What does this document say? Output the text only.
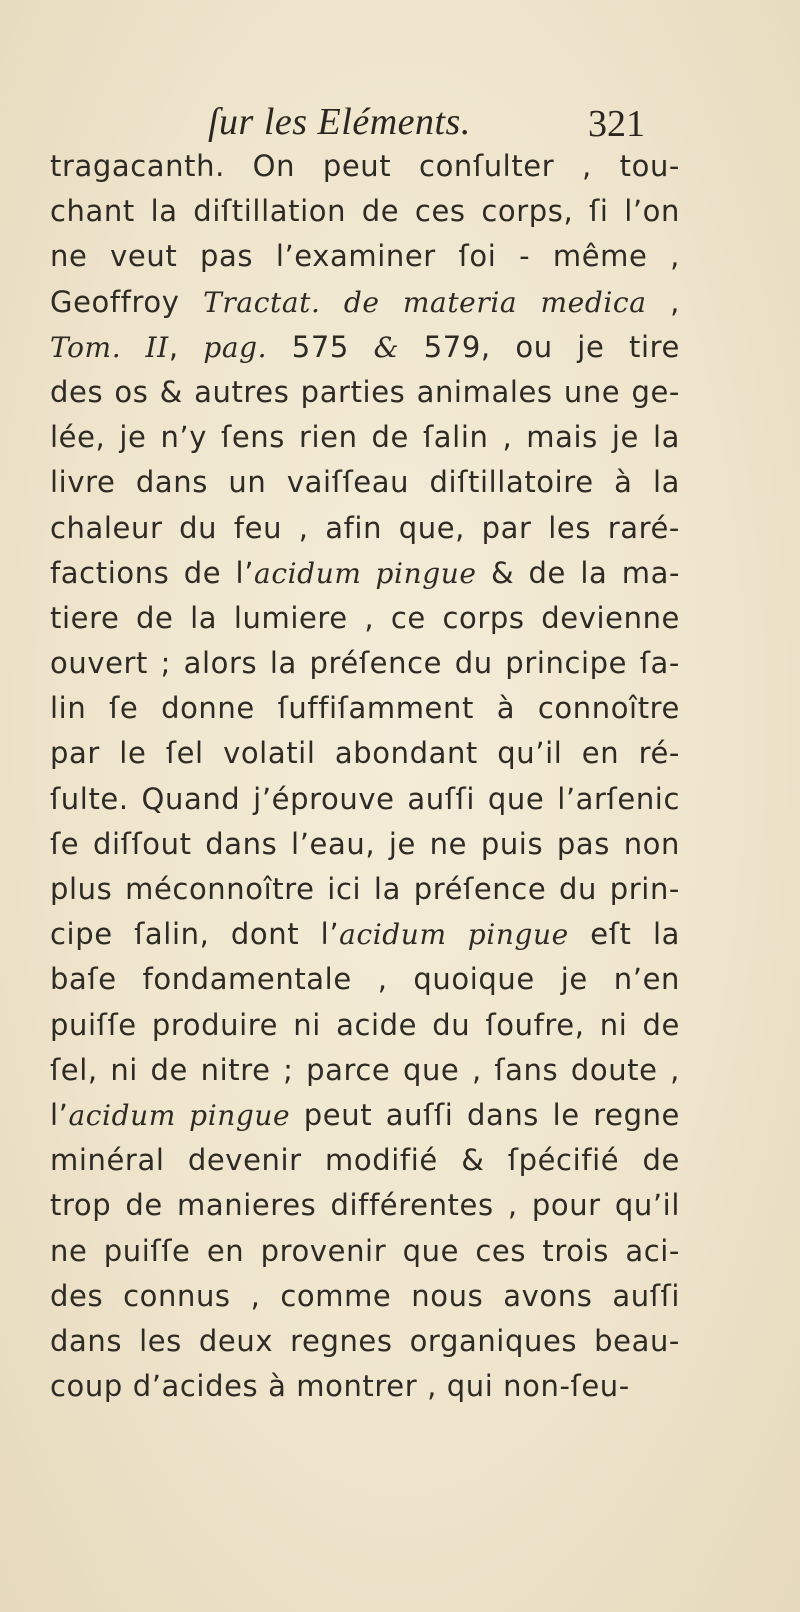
ſur les Eléments.	321
tragacanth. On peut conſulter , tou-
chant la diſtillation de ces corps, ſi l’on
ne veut pas l’examiner ſoi - même ,
Geoffroy Tractat. de materia medica ,
Tom. II, pag. 575 & 579, ou je tire
des os & autres parties animales une ge-
lée, je n’y ſens rien de ſalin , mais je la
livre dans un vaiſſeau diſtillatoire à la
chaleur du feu , afin que, par les raré-
factions de l’acidum pingue & de la ma-
tiere de la lumiere , ce corps devienne
ouvert ; alors la préſence du principe ſa-
lin ſe donne ſuffiſamment à connoître
par le ſel volatil abondant qu’il en ré-
ſulte. Quand j’éprouve auſſi que l’arſenic
ſe diſſout dans l’eau, je ne puis pas non
plus méconnoître ici la préſence du prin-
cipe ſalin, dont l’acidum pingue eſt la
baſe fondamentale , quoique je n’en
puiſſe produire ni acide du ſoufre, ni de
ſel, ni de nitre ; parce que , ſans doute ,
l’acidum pingue peut auſſi dans le regne
minéral devenir modifié & ſpécifié de
trop de manieres différentes , pour qu’il
ne puiſſe en provenir que ces trois aci-
des connus , comme nous avons auſſi
dans les deux regnes organiques beau-
coup d’acides à montrer , qui non-ſeu-
